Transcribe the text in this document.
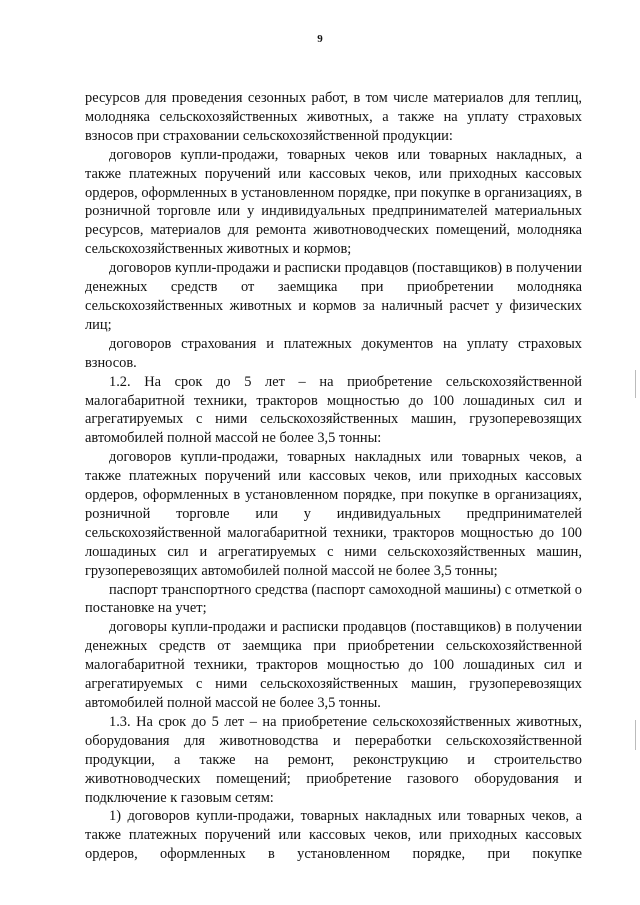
9

ресурсов для проведения сезонных работ, в том числе материалов для теплиц, молодняка сельскохозяйственных животных, а также на уплату страховых взносов при страховании сельскохозяйственной продукции:

договоров купли-продажи, товарных чеков или товарных накладных, а также платежных поручений или кассовых чеков, или приходных кассовых ордеров, оформленных в установленном порядке, при покупке в организациях, в розничной торговле или у индивидуальных предпринимателей материальных ресурсов, материалов для ремонта животноводческих помещений, молодняка сельскохозяйственных животных и кормов;

договоров купли-продажи и расписки продавцов (поставщиков) в получении денежных средств от заемщика при приобретении молодняка сельскохозяйственных животных и кормов за наличный расчет у физических лиц;

договоров страхования и платежных документов на уплату страховых взносов.

1.2. На срок до 5 лет – на приобретение сельскохозяйственной малогабаритной техники, тракторов мощностью до 100 лошадиных сил и агрегатируемых с ними сельскохозяйственных машин, грузоперевозящих автомобилей полной массой не более 3,5 тонны:

договоров купли-продажи, товарных накладных или товарных чеков, а также платежных поручений или кассовых чеков, или приходных кассовых ордеров, оформленных в установленном порядке, при покупке в организациях, розничной торговле или у индивидуальных предпринимателей сельскохозяйственной малогабаритной техники, тракторов мощностью до 100 лошадиных сил и агрегатируемых с ними сельскохозяйственных машин, грузоперевозящих автомобилей полной массой не более 3,5 тонны;

паспорт транспортного средства (паспорт самоходной машины) с отметкой о постановке на учет;

договоры купли-продажи и расписки продавцов (поставщиков) в получении денежных средств от заемщика при приобретении сельскохозяйственной малогабаритной техники, тракторов мощностью до 100 лошадиных сил и агрегатируемых с ними сельскохозяйственных машин, грузоперевозящих автомобилей полной массой не более 3,5 тонны.

1.3. На срок до 5 лет – на приобретение сельскохозяйственных животных, оборудования для животноводства и переработки сельскохозяйственной продукции, а также на ремонт, реконструкцию и строительство животноводческих помещений; приобретение газового оборудования и подключение к газовым сетям:

1) договоров купли-продажи, товарных накладных или товарных чеков, а также платежных поручений или кассовых чеков, или приходных кассовых ордеров, оформленных в установленном порядке, при покупке
